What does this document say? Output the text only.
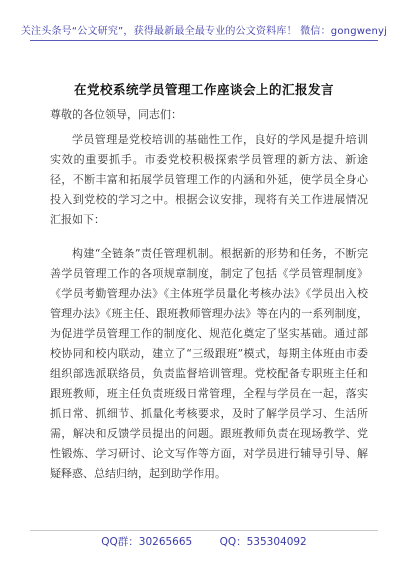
关注头条号“公文研究”，获得最新最全最专业的公文资料库！ 微信：gongwenyj
在党校系统学员管理工作座谈会上的汇报发言
尊敬的各位领导，同志们：

学员管理是党校培训的基础性工作，良好的学风是提升培训实效的重要抓手。市委党校积极探索学员管理的新方法、新途径，不断丰富和拓展学员管理工作的内涵和外延，使学员全身心投入到党校的学习之中。根据会议安排，现将有关工作进展情况汇报如下：

构建“全链条”责任管理机制。根据新的形势和任务，不断完善学员管理工作的各项规章制度，制定了包括《学员管理制度》《学员考勤管理办法》《主体班学员量化考核办法》《学员出入校管理办法》《班主任、跟班教师管理办法》等在内的一系列制度，为促进学员管理工作的制度化、规范化奠定了坚实基础。通过部校协同和校内联动，建立了“三级跟班”模式，每期主体班由市委组织部选派联络员，负责监督培训管理。党校配备专职班主任和跟班教师，班主任负责班级日常管理，全程与学员在一起，落实抓日常、抓细节、抓量化考核要求，及时了解学员学习、生活所需，解决和反馈学员提出的问题。跟班教师负责在现场教学、党性锻炼、学习研讨、论文写作等方面，对学员进行辅导引导、解疑释惑、总结归纳，起到助学作用。

QQ群：30265665	QQ：535304092
